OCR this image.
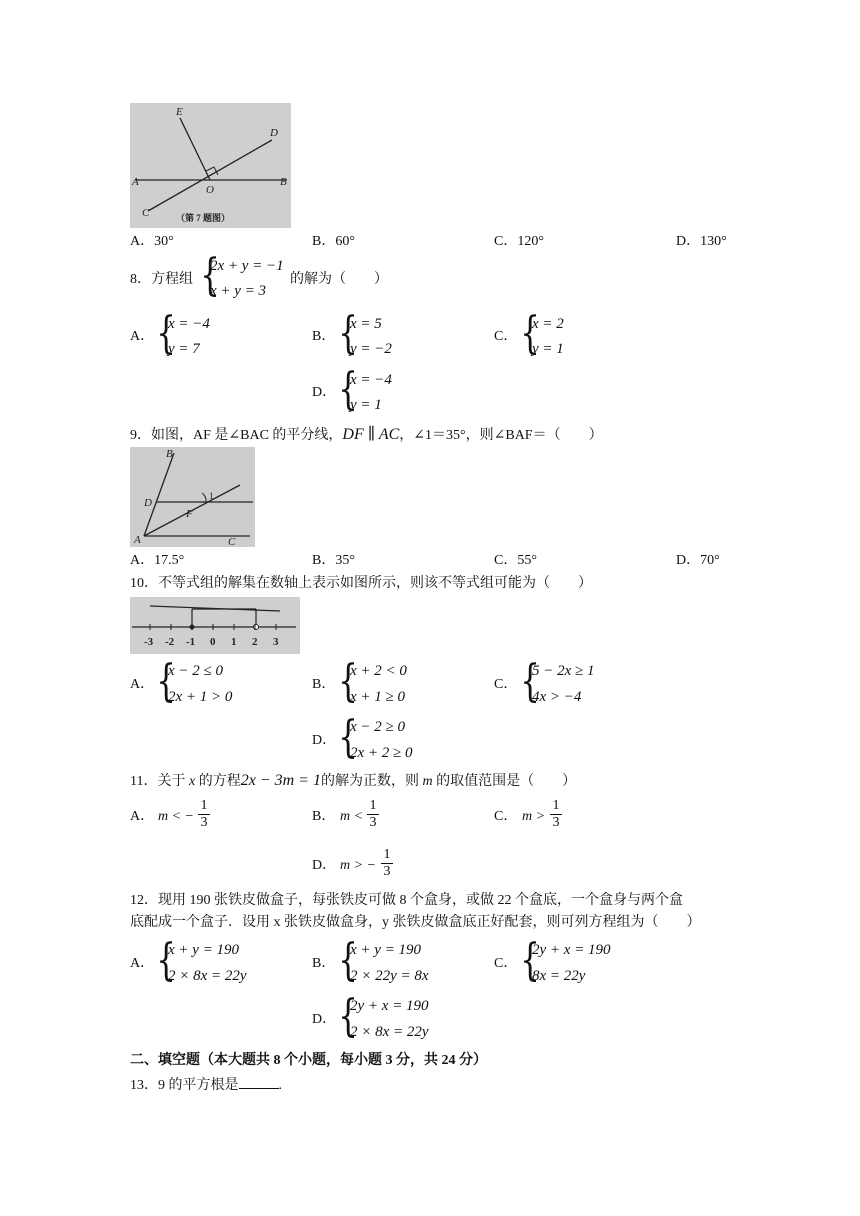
E
D
A
O
B
C	（第 7 题图）
A．30°	B．60°	C．120°	D．130°
8．方程组 {
2x + y = −1
x + y = 3
的解为（　　）
A． {
x = −4
y = 7
B． {
x = 5
y = −2
C． {
x = 2
y = 1
D． {
x = −4
y = 1
9．如图，AF 是∠BAC 的平分线，DF ∥ AC，∠1＝35°，则∠BAF＝（　　）
B
D
F
1
A	C
A．17.5°	B．35°	C．55°	D．70°
10．不等式组的解集在数轴上表示如图所示，则该不等式组可能为（　　）
-3 -2 -1 0 1 2 3
A． {
x − 2 ≤ 0
2x + 1 > 0
B． {
x + 2 < 0
x + 1 ≥ 0
C． {
5 − 2x ≥ 1
4x > −4
D． {
x − 2 ≥ 0
2x + 2 ≥ 0
11．关于 x 的方程2x − 3m = 1的解为正数，则 m 的取值范围是（　　）
A． m < − $\frac{1}{3}$	B． $m < \frac{1}{3}$	C． $m > \frac{1}{3}$
D． m > − $\frac{1}{3}$
12．现用 190 张铁皮做盒子，每张铁皮可做 8 个盒身，或做 22 个盒底，一个盒身与两个盒
底配成一个盒子．设用 x 张铁皮做盒身，y 张铁皮做盒底正好配套，则可列方程组为（　　）
A． {
x + y = 190
2 × 8x = 22y
B． {
x + y = 190
2 × 22y = 8x
C． {
2y + x = 190
8x = 22y
D． {
2y + x = 190
2 × 8x = 22y
二、填空题（本大题共 8 个小题，每小题 3 分，共 24 分）
13．9 的平方根是	.
